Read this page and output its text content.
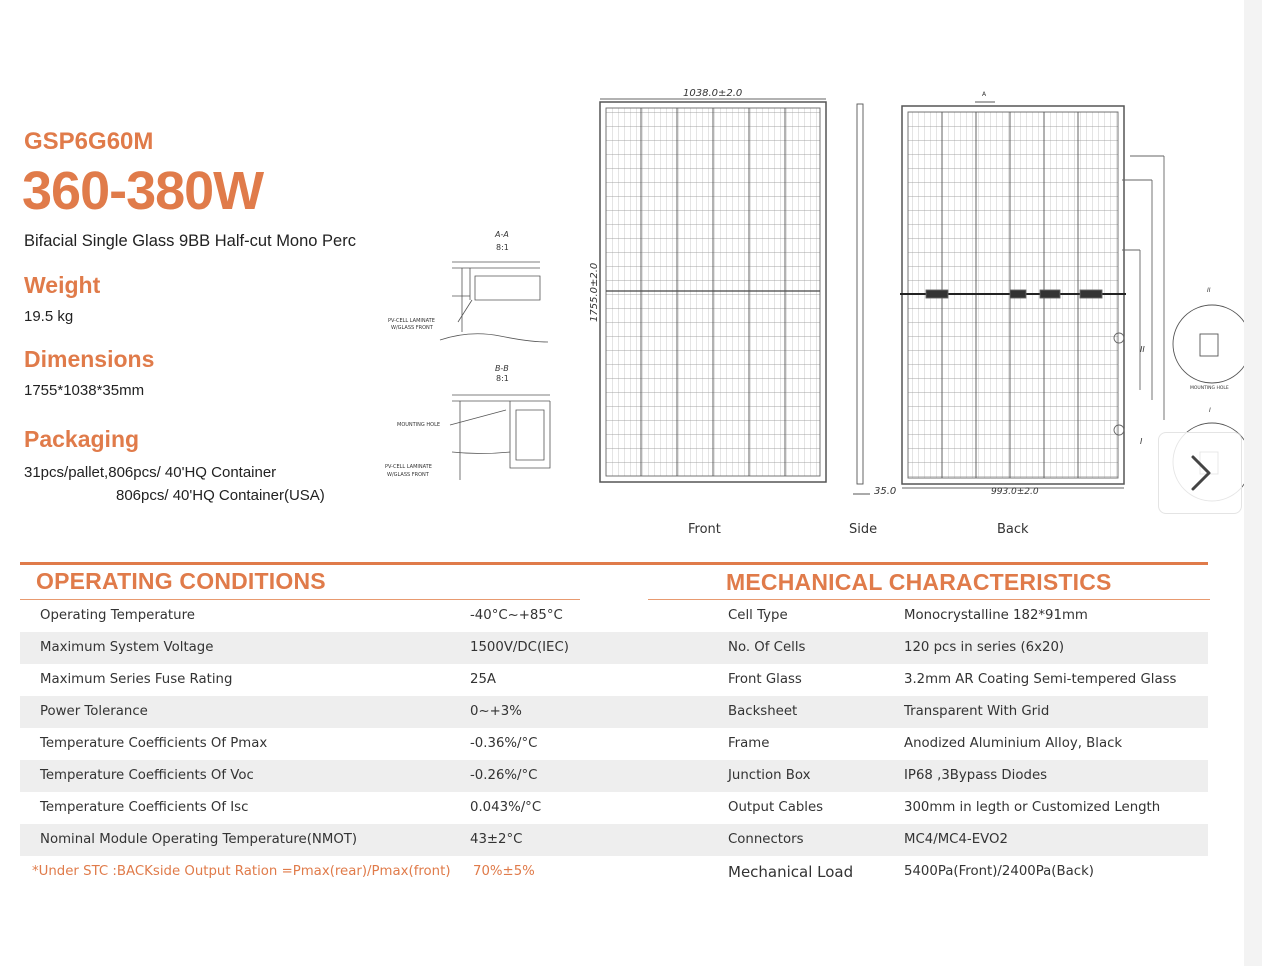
GSP6G60M
360-380W
Bifacial Single Glass 9BB Half-cut Mono Perc
Weight
19.5 kg
Dimensions
1755*1038*35mm
Packaging
31pcs/pallet,806pcs/ 40'HQ Container
806pcs/ 40'HQ Container(USA)
A-A
8:1
PV-CELL LAMINATE
W/GLASS FRONT
B-B
8:1
MOUNTING HOLE
PV-CELL LAMINATE
W/GLASS FRONT
1038.0±2.0
1755.0±2.0
35.0
A
993.0±2.0
II
I
II
MOUNTING HOLE
I
Front	Side	Back
OPERATING CONDITIONS	MECHANICAL CHARACTERISTICS
Operating Temperature	-40°C~+85°C
Maximum System Voltage	1500V/DC(IEC)
Maximum Series Fuse Rating	25A
Power Tolerance	0~+3%
Temperature Coefficients Of Pmax	-0.36%/°C
Temperature Coefficients Of Voc	-0.26%/°C
Temperature Coefficients Of Isc	0.043%/°C
Nominal Module Operating Temperature(NMOT)	43±2°C
*Under STC :BACKside Output Ration =Pmax(rear)/Pmax(front) 70%±5%
Cell Type	Monocrystalline 182*91mm
No. Of Cells	120 pcs in series (6x20)
Front Glass	3.2mm AR Coating Semi-tempered Glass
Backsheet	Transparent With Grid
Frame	Anodized Aluminium Alloy, Black
Junction Box	IP68 ,3Bypass Diodes
Output Cables	300mm in legth or Customized Length
Connectors	MC4/MC4-EVO2
Mechanical Load	5400Pa(Front)/2400Pa(Back)
